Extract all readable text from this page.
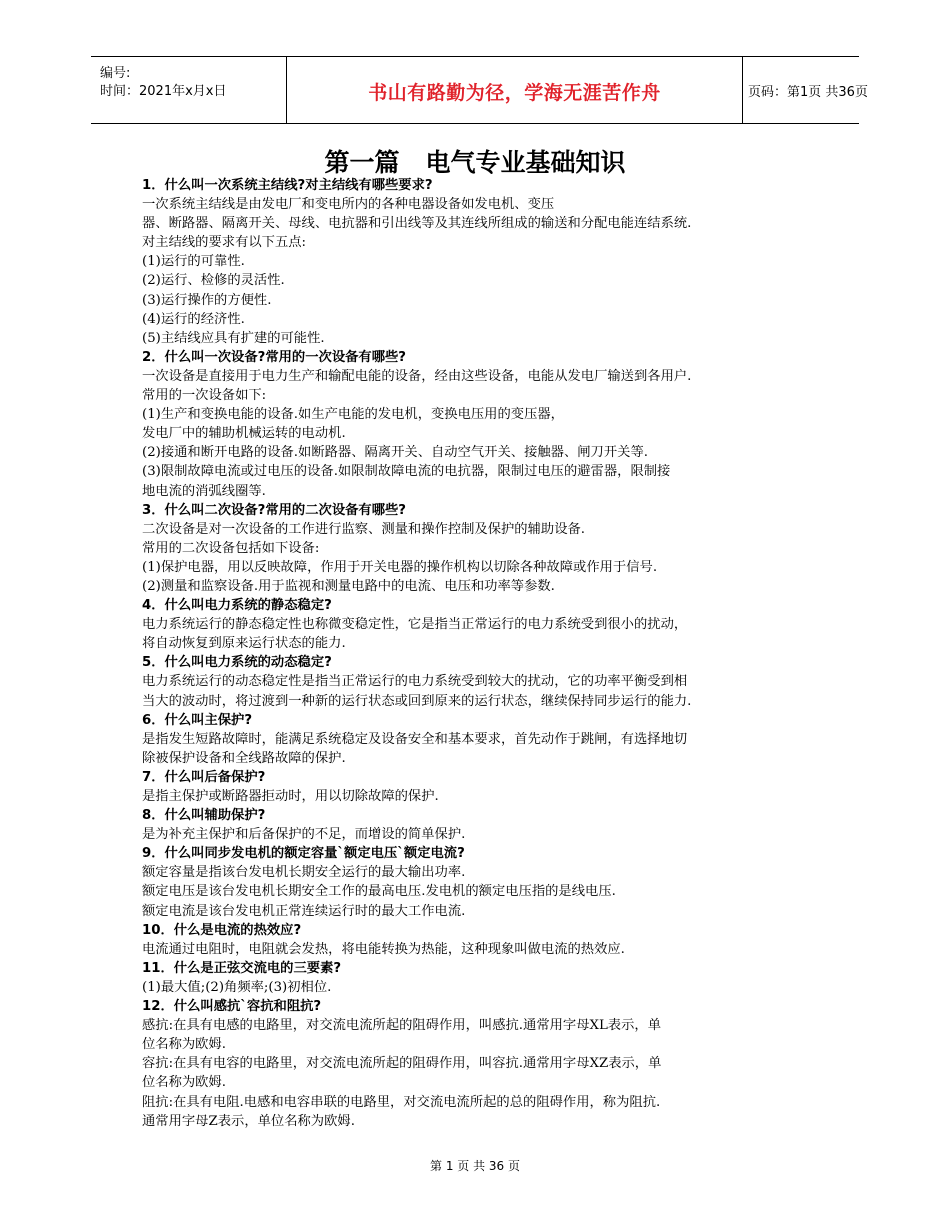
编号:
时间：2021年x月x日	书山有路勤为径，学海无涯苦作舟	页码：第1页 共36页
第一篇   电气专业基础知识

1．什么叫一次系统主结线?对主结线有哪些要求?

一次系统主结线是由发电厂和变电所内的各种电器设备如发电机、变压

器、断路器、隔离开关、母线、电抗器和引出线等及其连线所组成的输送和分配电能连结系统.

对主结线的要求有以下五点:

(1)运行的可靠性.

(2)运行、检修的灵活性.

(3)运行操作的方便性.

(4)运行的经济性.

(5)主结线应具有扩建的可能性.

2．什么叫一次设备?常用的一次设备有哪些?

一次设备是直接用于电力生产和输配电能的设备，经由这些设备，电能从发电厂输送到各用户.

常用的一次设备如下:

(1)生产和变换电能的设备.如生产电能的发电机，变换电压用的变压器，

发电厂中的辅助机械运转的电动机.

(2)接通和断开电路的设备.如断路器、隔离开关、自动空气开关、接触器、闸刀开关等.

(3)限制故障电流或过电压的设备.如限制故障电流的电抗器，限制过电压的避雷器，限制接

地电流的消弧线圈等.

3．什么叫二次设备?常用的二次设备有哪些?

二次设备是对一次设备的工作进行监察、测量和操作控制及保护的辅助设备.

常用的二次设备包括如下设备:

(1)保护电器，用以反映故障，作用于开关电器的操作机构以切除各种故障或作用于信号.

(2)测量和监察设备.用于监视和测量电路中的电流、电压和功率等参数.

4．什么叫电力系统的静态稳定?

电力系统运行的静态稳定性也称微变稳定性，它是指当正常运行的电力系统受到很小的扰动，

将自动恢复到原来运行状态的能力.

5．什么叫电力系统的动态稳定?

电力系统运行的动态稳定性是指当正常运行的电力系统受到较大的扰动，它的功率平衡受到相

当大的波动时，将过渡到一种新的运行状态或回到原来的运行状态，继续保持同步运行的能力.

6．什么叫主保护?

是指发生短路故障时，能满足系统稳定及设备安全和基本要求，首先动作于跳闸，有选择地切

除被保护设备和全线路故障的保护.

7．什么叫后备保护?

是指主保护或断路器拒动时，用以切除故障的保护.

8．什么叫辅助保护?

是为补充主保护和后备保护的不足，而增设的简单保护.

9．什么叫同步发电机的额定容量`额定电压`额定电流?

额定容量是指该台发电机长期安全运行的最大输出功率.

额定电压是该台发电机长期安全工作的最高电压.发电机的额定电压指的是线电压.

额定电流是该台发电机正常连续运行时的最大工作电流.

10．什么是电流的热效应?

电流通过电阻时，电阻就会发热，将电能转换为热能，这种现象叫做电流的热效应.

11．什么是正弦交流电的三要素?

(1)最大值;(2)角频率;(3)初相位.

12．什么叫感抗`容抗和阻抗?

感抗:在具有电感的电路里，对交流电流所起的阻碍作用，叫感抗.通常用字母XL表示，单

位名称为欧姆.

容抗:在具有电容的电路里，对交流电流所起的阻碍作用，叫容抗.通常用字母XZ表示，单

位名称为欧姆.

阻抗:在具有电阻.电感和电容串联的电路里，对交流电流所起的总的阻碍作用，称为阻抗.

通常用字母Z表示，单位名称为欧姆.

第 1 页 共 36 页
